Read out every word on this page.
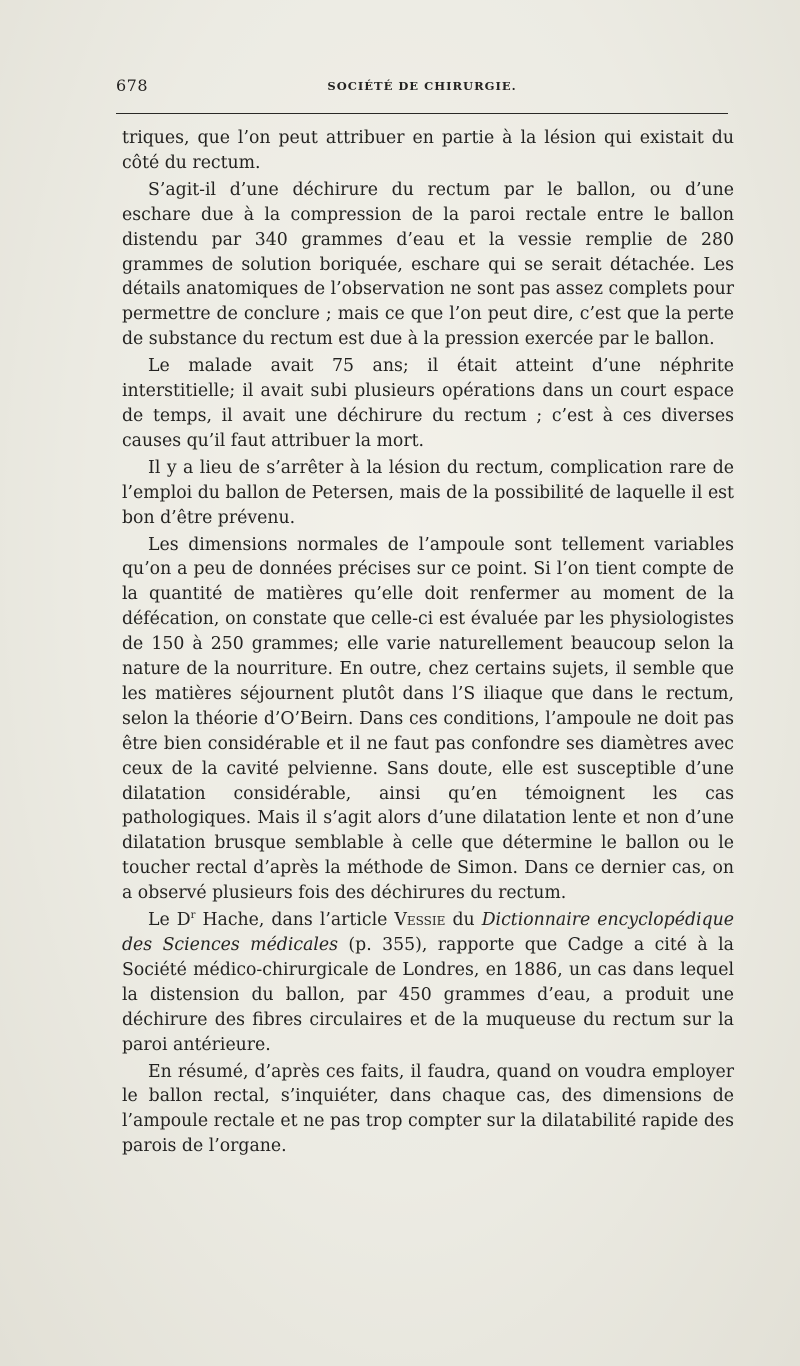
678	SOCIÉTÉ DE CHIRURGIE.

triques, que l’on peut attribuer en partie à la lésion qui existait du côté du rectum.

S’agit-il d’une déchirure du rectum par le ballon, ou d’une eschare due à la compression de la paroi rectale entre le ballon distendu par 340 grammes d’eau et la vessie remplie de 280 grammes de solution boriquée, eschare qui se serait détachée. Les détails anatomiques de l’observation ne sont pas assez complets pour permettre de conclure ; mais ce que l’on peut dire, c’est que la perte de substance du rectum est due à la pression exercée par le ballon.

Le malade avait 75 ans; il était atteint d’une néphrite interstitielle; il avait subi plusieurs opérations dans un court espace de temps, il avait une déchirure du rectum ; c’est à ces diverses causes qu’il faut attribuer la mort.

Il y a lieu de s’arrêter à la lésion du rectum, complication rare de l’emploi du ballon de Petersen, mais de la possibilité de laquelle il est bon d’être prévenu.

Les dimensions normales de l’ampoule sont tellement variables qu’on a peu de données précises sur ce point. Si l’on tient compte de la quantité de matières qu’elle doit renfermer au moment de la défécation, on constate que celle-ci est évaluée par les physiologistes de 150 à 250 grammes; elle varie naturellement beaucoup selon la nature de la nourriture. En outre, chez certains sujets, il semble que les matières séjournent plutôt dans l’S iliaque que dans le rectum, selon la théorie d’O’Beirn. Dans ces conditions, l’ampoule ne doit pas être bien considérable et il ne faut pas confondre ses diamètres avec ceux de la cavité pelvienne. Sans doute, elle est susceptible d’une dilatation considérable, ainsi qu’en témoignent les cas pathologiques. Mais il s’agit alors d’une dilatation lente et non d’une dilatation brusque semblable à celle que détermine le ballon ou le toucher rectal d’après la méthode de Simon. Dans ce dernier cas, on a observé plusieurs fois des déchirures du rectum.

Le $D^r$ Hache, dans l’article Vessie du Dictionnaire encyclopédique des Sciences médicales (p. 355), rapporte que Cadge a cité à la Société médico-chirurgicale de Londres, en 1886, un cas dans lequel la distension du ballon, par 450 grammes d’eau, a produit une déchirure des fibres circulaires et de la muqueuse du rectum sur la paroi antérieure.

En résumé, d’après ces faits, il faudra, quand on voudra employer le ballon rectal, s’inquiéter, dans chaque cas, des dimensions de l’ampoule rectale et ne pas trop compter sur la dilatabilité rapide des parois de l’organe.
